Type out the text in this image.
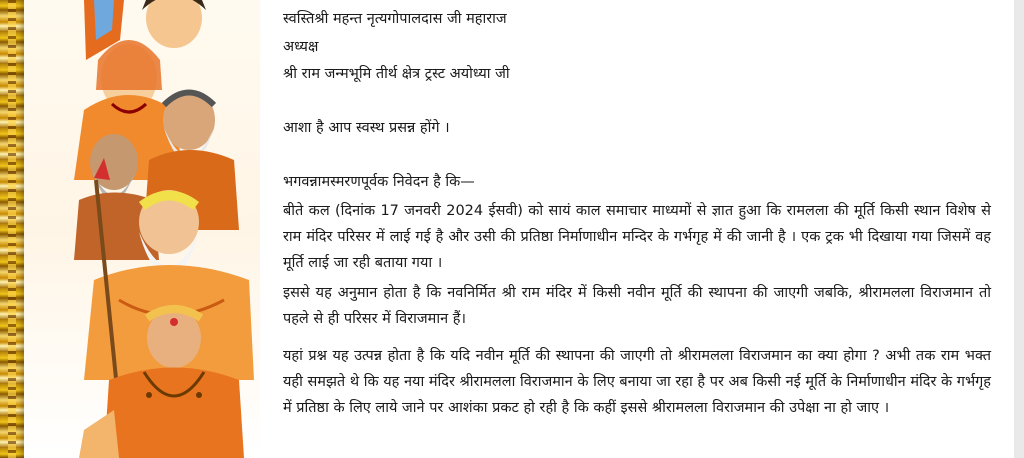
स्वस्तिश्री महन्त नृत्यगोपालदास जी महाराज
अध्यक्ष
श्री राम जन्मभूमि तीर्थ क्षेत्र ट्रस्ट अयोध्या जी
आशा है आप स्वस्थ प्रसन्न होंगे ।
भगवन्नामस्मरणपूर्वक निवेदन है कि—

बीते कल (दिनांक 17 जनवरी 2024 ईसवी) को सायं काल समाचार माध्यमों से ज्ञात हुआ कि रामलला की मूर्ति किसी स्थान विशेष से राम मंदिर परिसर में लाई गई है और उसी की प्रतिष्ठा निर्माणाधीन मन्दिर के गर्भगृह में की जानी है । एक ट्रक भी दिखाया गया जिसमें वह मूर्ति लाई जा रही बताया गया ।

इससे यह अनुमान होता है कि नवनिर्मित श्री राम मंदिर में किसी नवीन मूर्ति की स्थापना की जाएगी जबकि, श्रीरामलला विराजमान तो पहले से ही परिसर में विराजमान हैं।

यहां प्रश्न यह उत्पन्न होता है कि यदि नवीन मूर्ति की स्थापना की जाएगी तो श्रीरामलला विराजमान का क्या होगा ? अभी तक राम भक्त यही समझते थे कि यह नया मंदिर श्रीरामलला विराजमान के लिए बनाया जा रहा है पर अब किसी नई मूर्ति के निर्माणाधीन मंदिर के गर्भगृह में प्रतिष्ठा के लिए लाये जाने पर आशंका प्रकट हो रही है कि कहीं इससे श्रीरामलला विराजमान की उपेक्षा ना हो जाए ।
